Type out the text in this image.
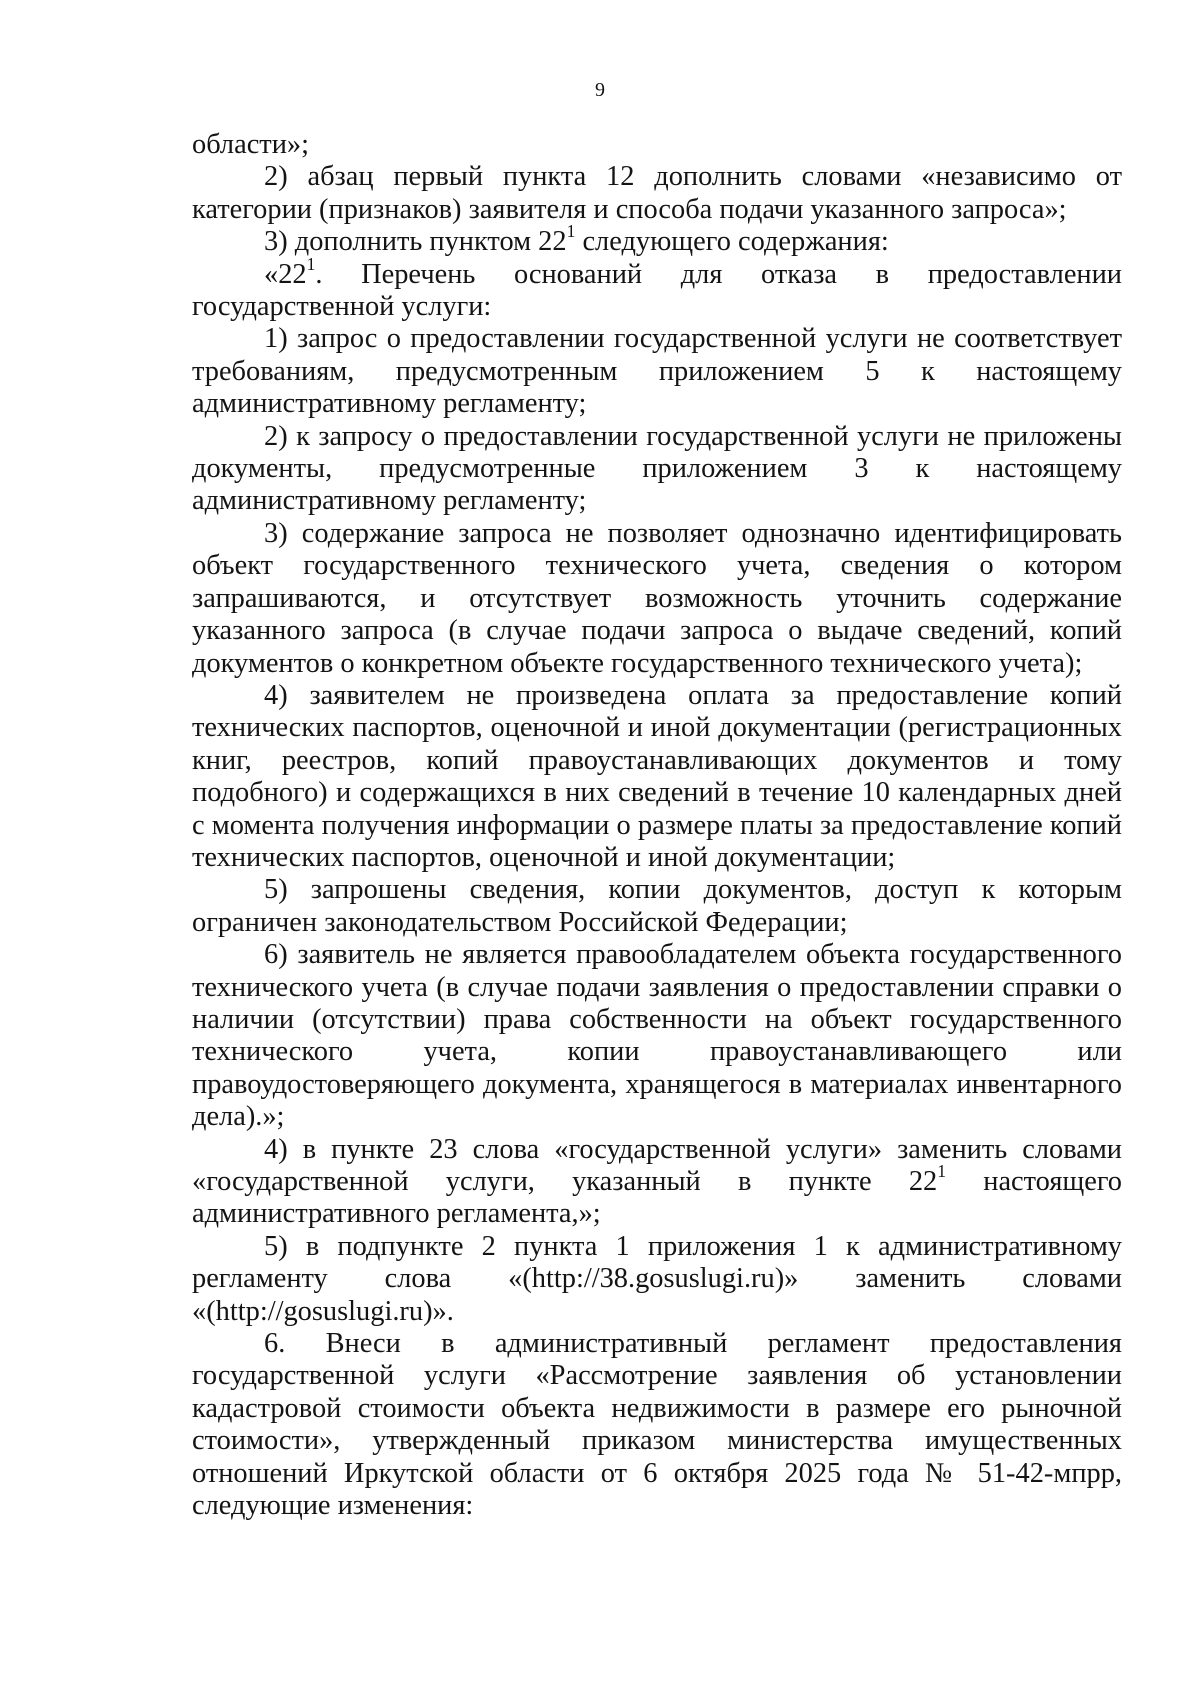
9

области»;

2) абзац первый пункта 12 дополнить словами «независимо от категории (признаков) заявителя и способа подачи указанного запроса»;

3) дополнить пунктом $22^1$ следующего содержания:

«$22^1$. Перечень оснований для отказа в предоставлении государственной услуги:

1) запрос о предоставлении государственной услуги не соответствует требованиям, предусмотренным приложением 5 к настоящему административному регламенту;

2) к запросу о предоставлении государственной услуги не приложены документы, предусмотренные приложением 3 к настоящему административному регламенту;

3) содержание запроса не позволяет однозначно идентифицировать объект государственного технического учета, сведения о котором запрашиваются, и отсутствует возможность уточнить содержание указанного запроса (в случае подачи запроса о выдаче сведений, копий документов о конкретном объекте государственного технического учета);

4) заявителем не произведена оплата за предоставление копий технических паспортов, оценочной и иной документации (регистрационных книг, реестров, копий правоустанавливающих документов и тому подобного) и содержащихся в них сведений в течение 10 календарных дней с момента получения информации о размере платы за предоставление копий технических паспортов, оценочной и иной документации;

5) запрошены сведения, копии документов, доступ к которым ограничен законодательством Российской Федерации;

6) заявитель не является правообладателем объекта государственного технического учета (в случае подачи заявления о предоставлении справки о наличии (отсутствии) права собственности на объект государственного технического учета, копии правоустанавливающего или правоудостоверяющего документа, хранящегося в материалах инвентарного дела).»;

4) в пункте 23 слова «государственной услуги» заменить словами «государственной услуги, указанный в пункте $22^1$ настоящего административного регламента,»;

5) в подпункте 2 пункта 1 приложения 1 к административному регламенту слова «(http://38.gosuslugi.ru)» заменить словами «(http://gosuslugi.ru)».

6. Внеси в административный регламент предоставления государственной услуги «Рассмотрение заявления об установлении кадастровой стоимости объекта недвижимости в размере его рыночной стоимости», утвержденный приказом министерства имущественных отношений Иркутской области от 6 октября 2025 года № 51-42-мпрр, следующие изменения:
